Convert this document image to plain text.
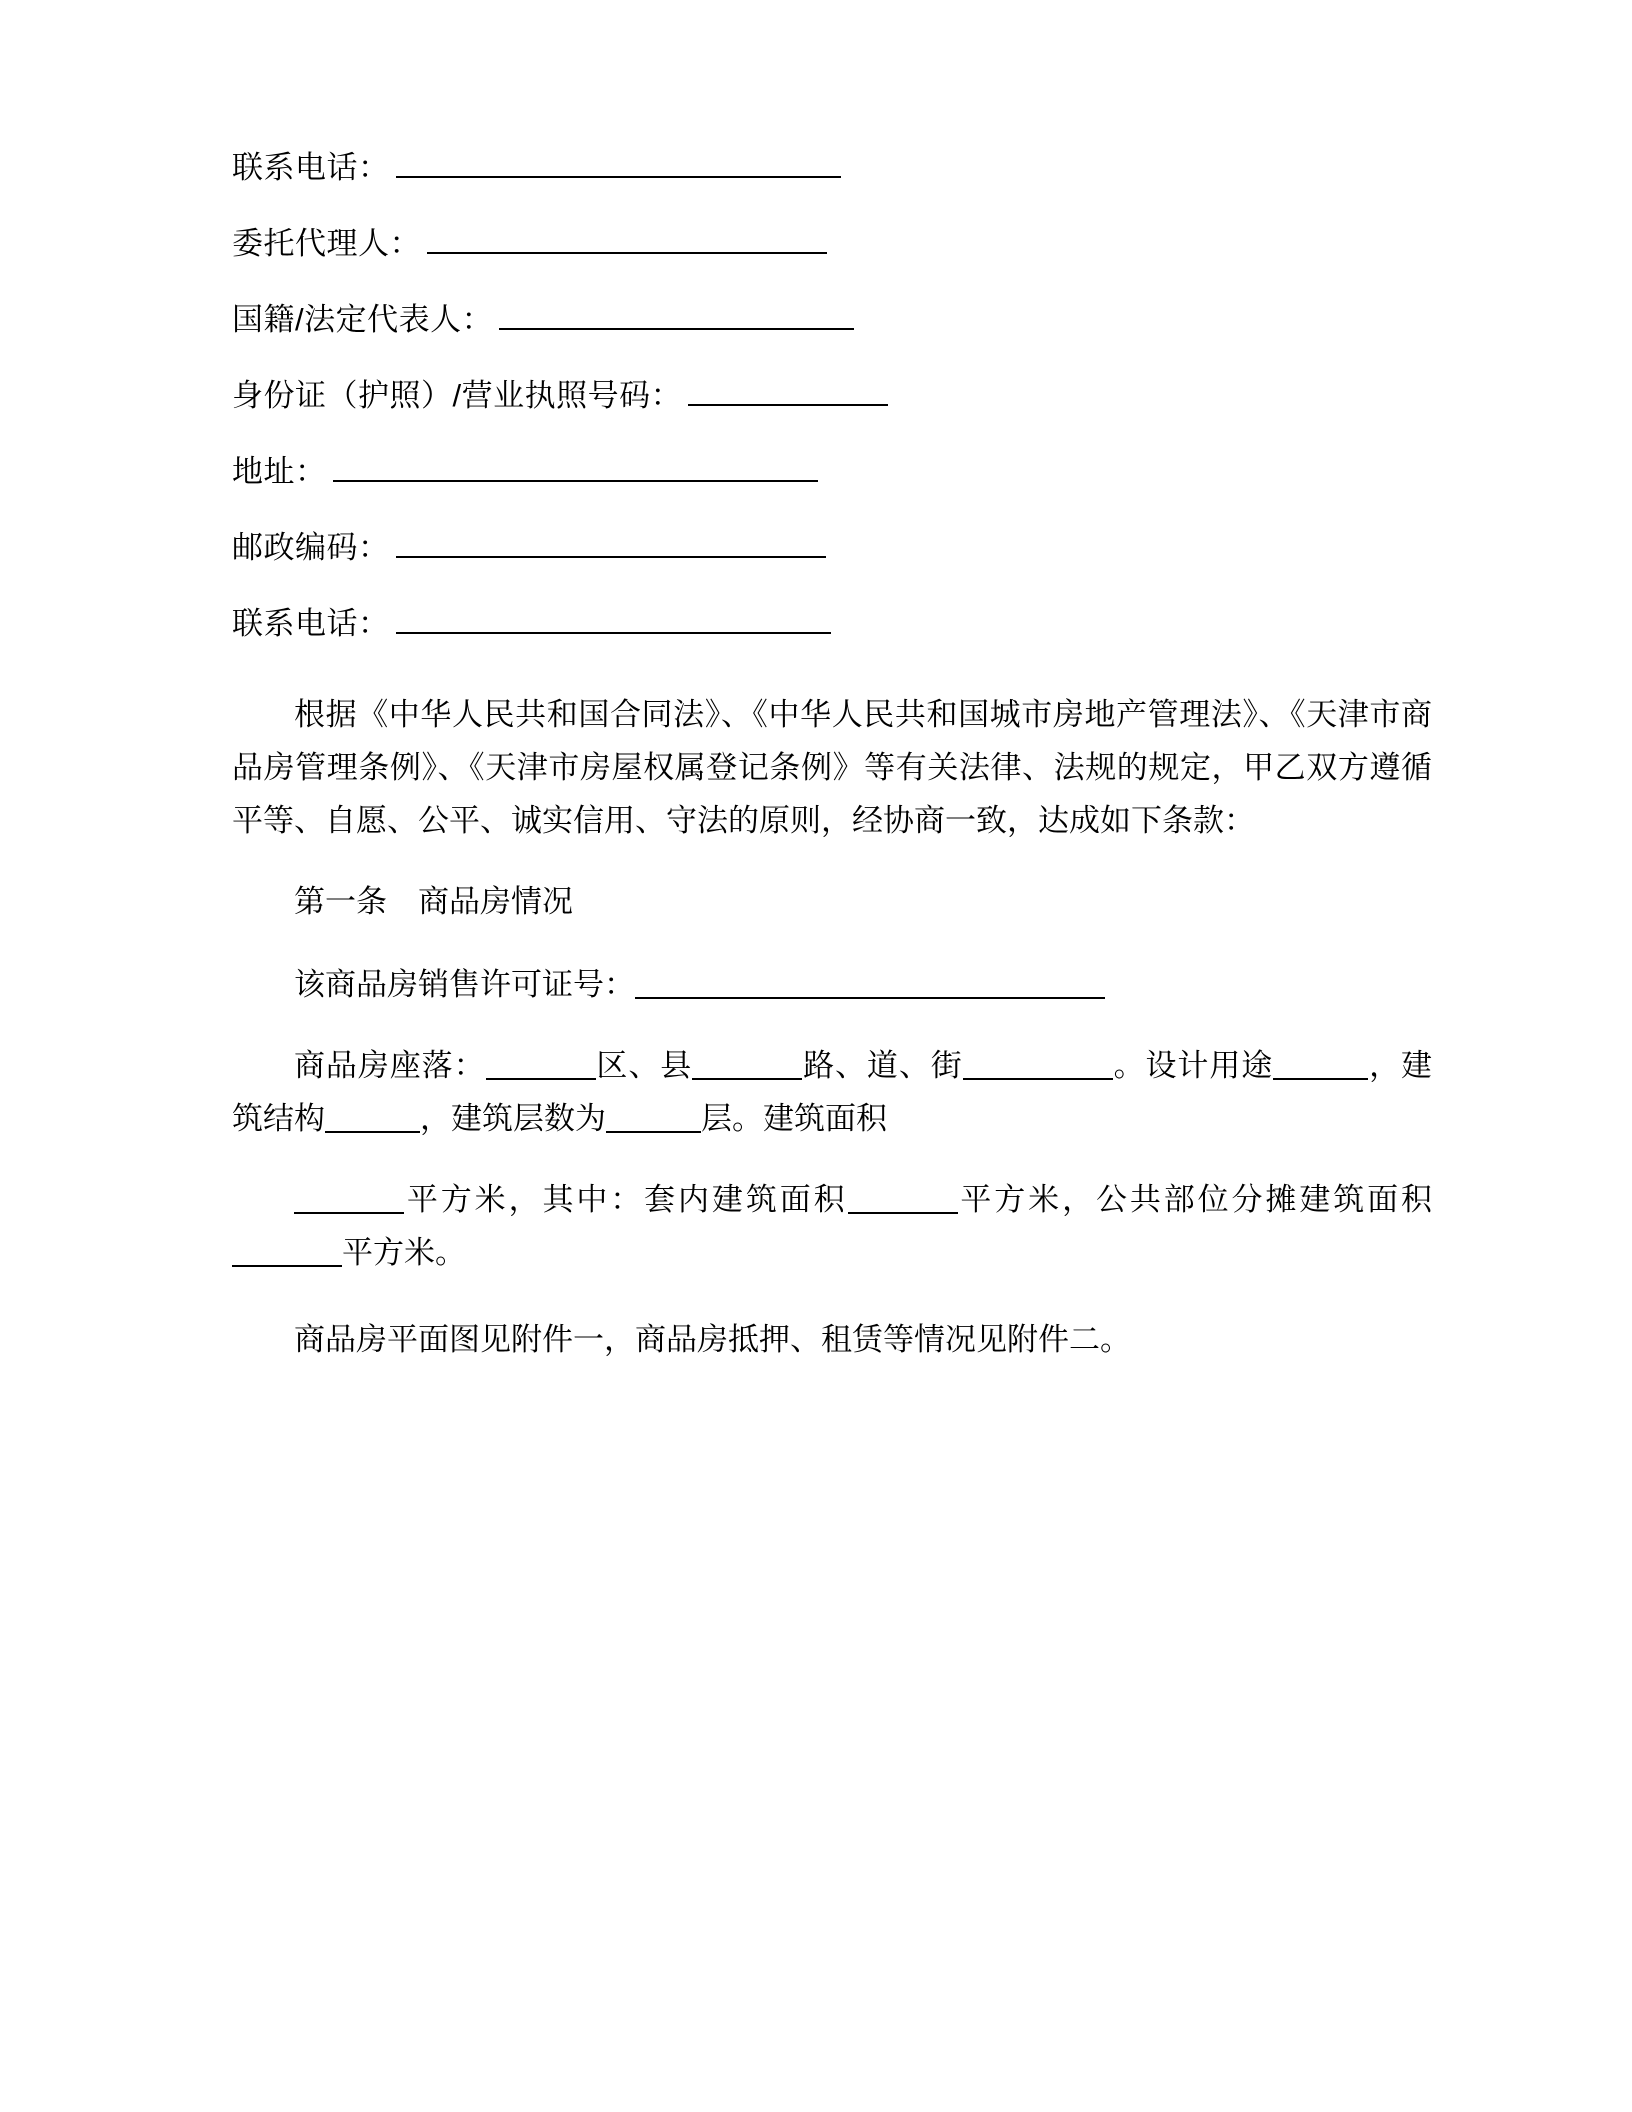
联系电话：
委托代理人：
国籍/法定代表人：
身份证（护照）/营业执照号码：
地址：
邮政编码：
联系电话：

根据《中华人民共和国合同法》、《中华人民共和国城市房地产管理法》、《天津市商品房管理条例》、《天津市房屋权属登记条例》等有关法律、法规的规定，甲乙双方遵循平等、自愿、公平、诚实信用、守法的原则，经协商一致，达成如下条款：

第一条　商品房情况

该商品房销售许可证号：

商品房座落：	区、县	路、道、街	。设计用途	，建筑结构	，建筑层数为	层。建筑面积

平方米，其中：套内建筑面积	平方米，公共部位分摊建筑面积平方米。

商品房平面图见附件一，商品房抵押、租赁等情况见附件二。
